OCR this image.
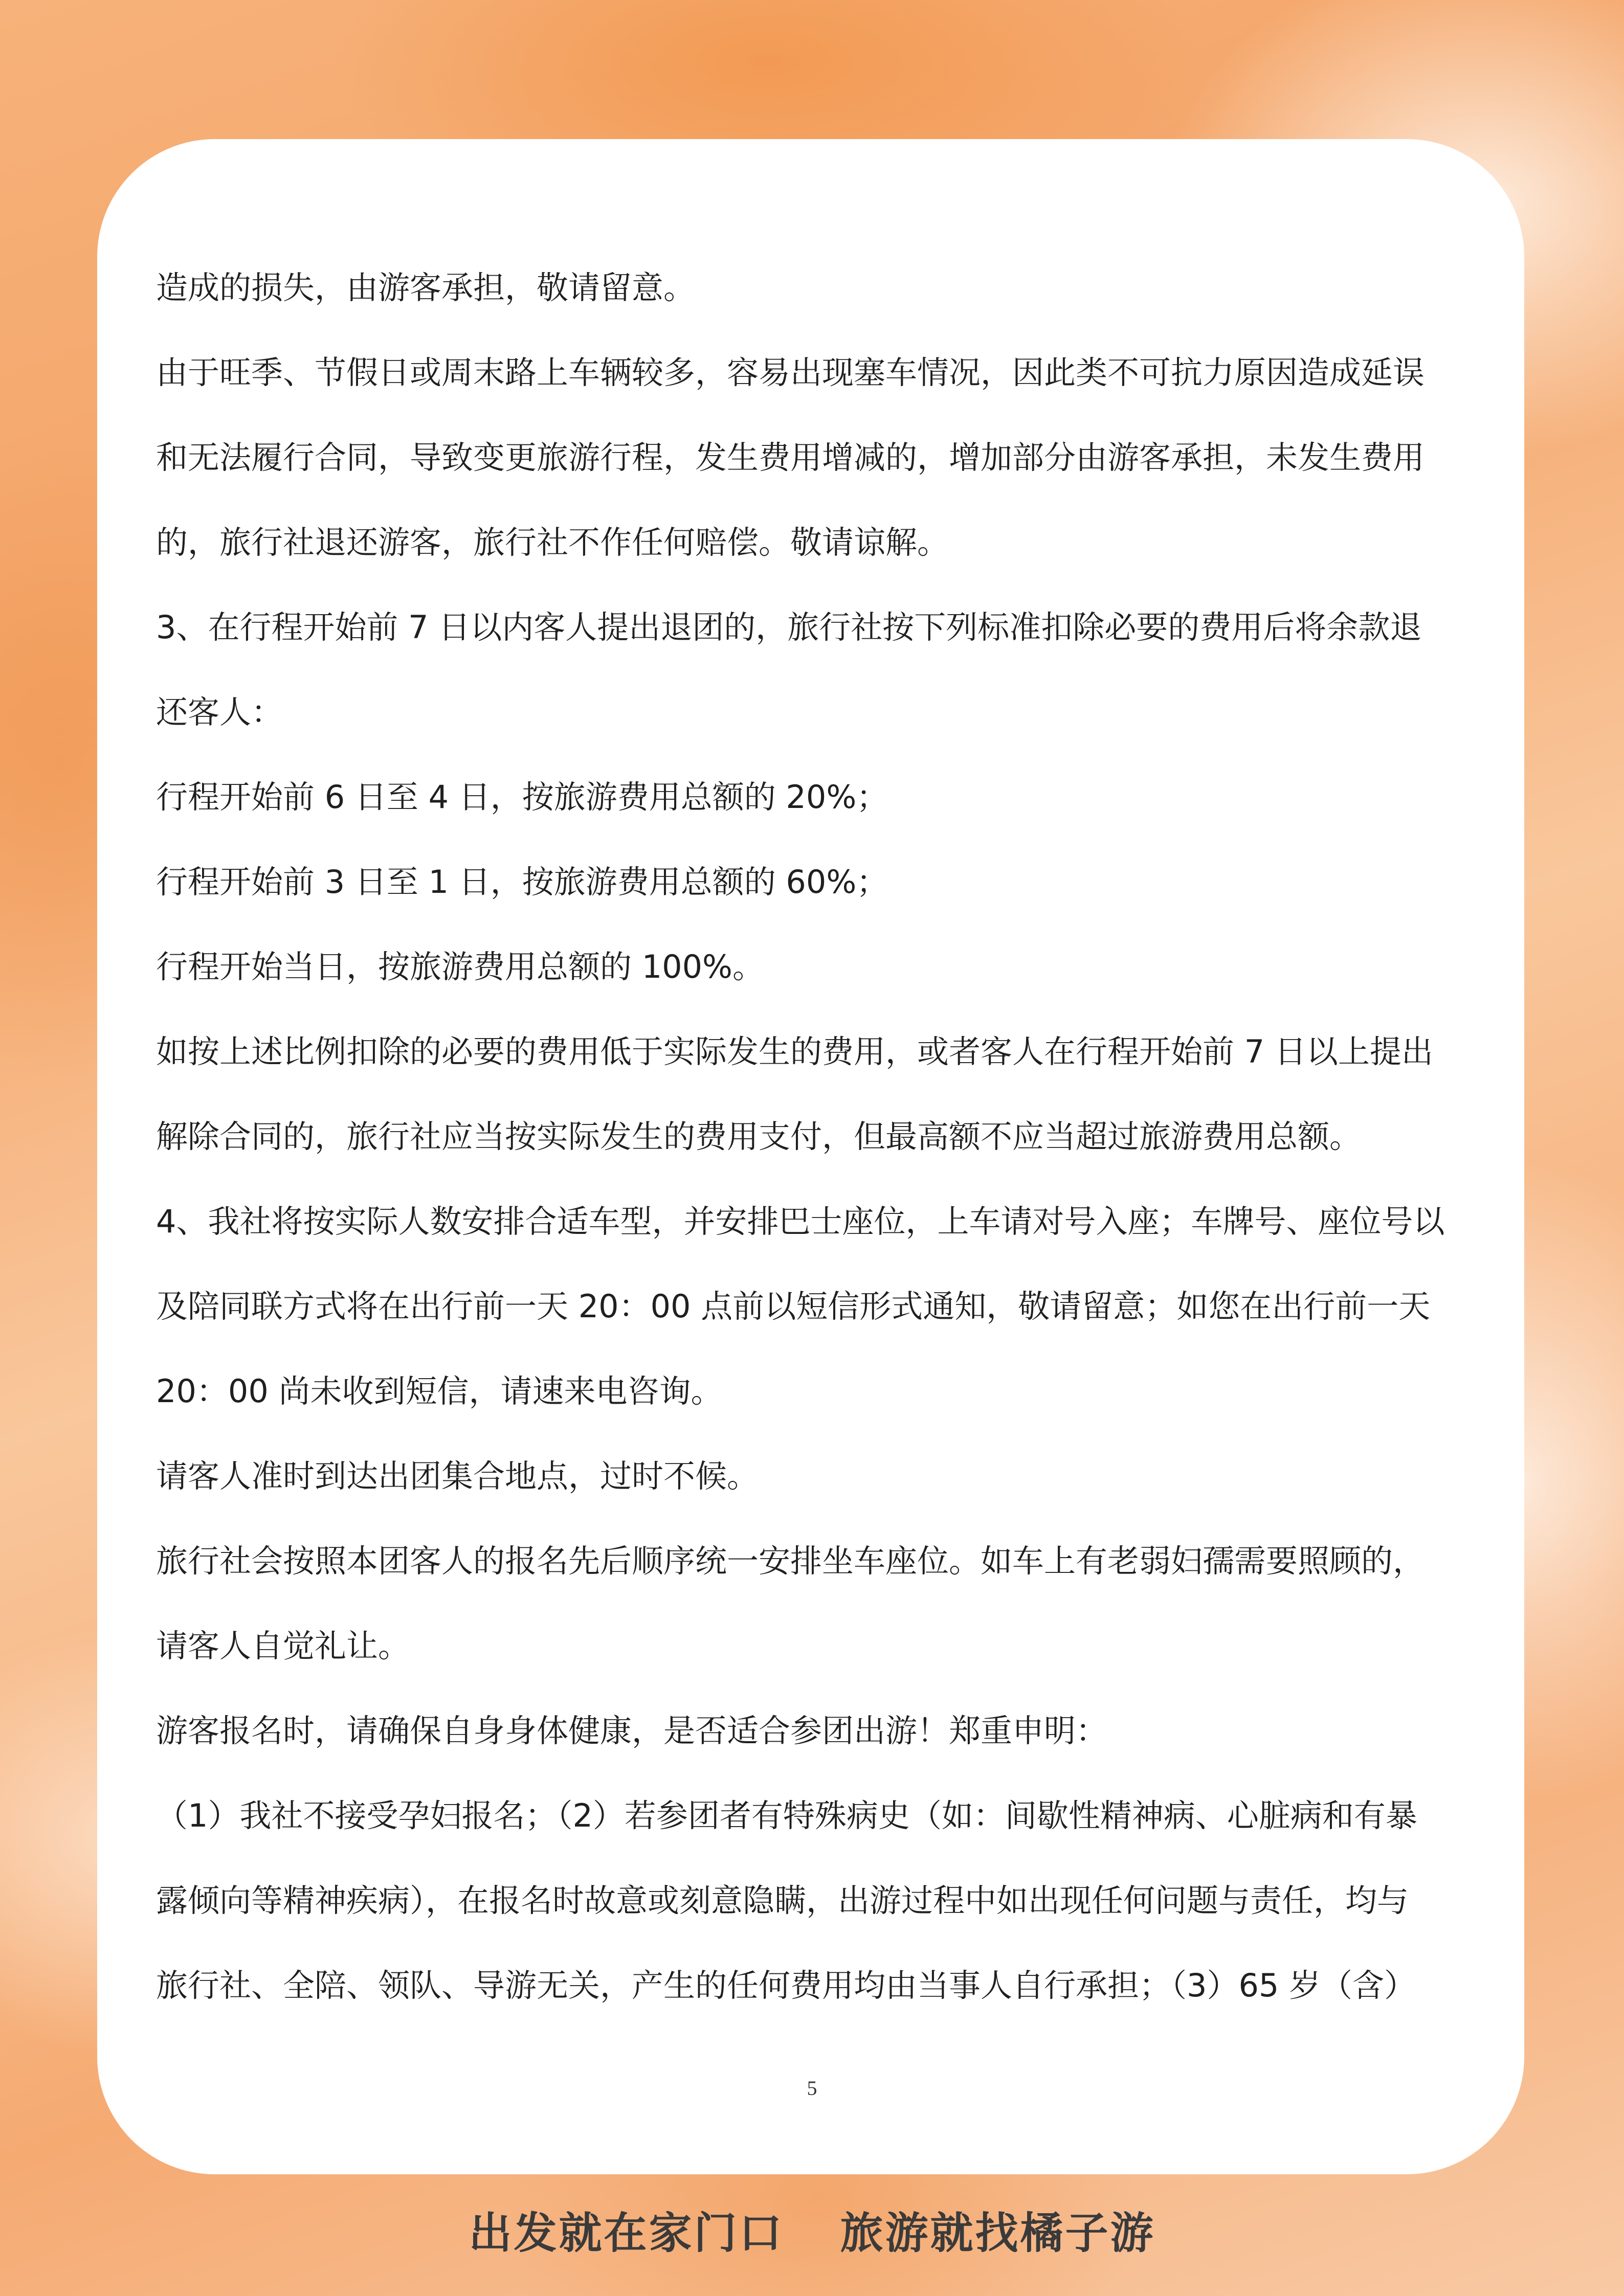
造成的损失，由游客承担，敬请留意。

由于旺季、节假日或周末路上车辆较多，容易出现塞车情况，因此类不可抗力原因造成延误

和无法履行合同，导致变更旅游行程，发生费用增减的，增加部分由游客承担，未发生费用

的，旅行社退还游客，旅行社不作任何赔偿。敬请谅解。

3、在行程开始前 7 日以内客人提出退团的，旅行社按下列标准扣除必要的费用后将余款退

还客人：

行程开始前 6 日至 4 日，按旅游费用总额的 20%；

行程开始前 3 日至 1 日，按旅游费用总额的 60%；

行程开始当日，按旅游费用总额的 100%。

如按上述比例扣除的必要的费用低于实际发生的费用，或者客人在行程开始前 7 日以上提出

解除合同的，旅行社应当按实际发生的费用支付，但最高额不应当超过旅游费用总额。

4、我社将按实际人数安排合适车型，并安排巴士座位，上车请对号入座；车牌号、座位号以

及陪同联方式将在出行前一天 20：00 点前以短信形式通知，敬请留意；如您在出行前一天

20：00 尚未收到短信，请速来电咨询。

请客人准时到达出团集合地点，过时不候。

旅行社会按照本团客人的报名先后顺序统一安排坐车座位。如车上有老弱妇孺需要照顾的，

请客人自觉礼让。

游客报名时，请确保自身身体健康，是否适合参团出游！郑重申明：

（1）我社不接受孕妇报名；（2）若参团者有特殊病史（如：间歇性精神病、心脏病和有暴

露倾向等精神疾病），在报名时故意或刻意隐瞒，出游过程中如出现任何问题与责任，均与

旅行社、全陪、领队、导游无关，产生的任何费用均由当事人自行承担；（3）65 岁（含）

5
出发就在家门口 旅游就找橘子游
